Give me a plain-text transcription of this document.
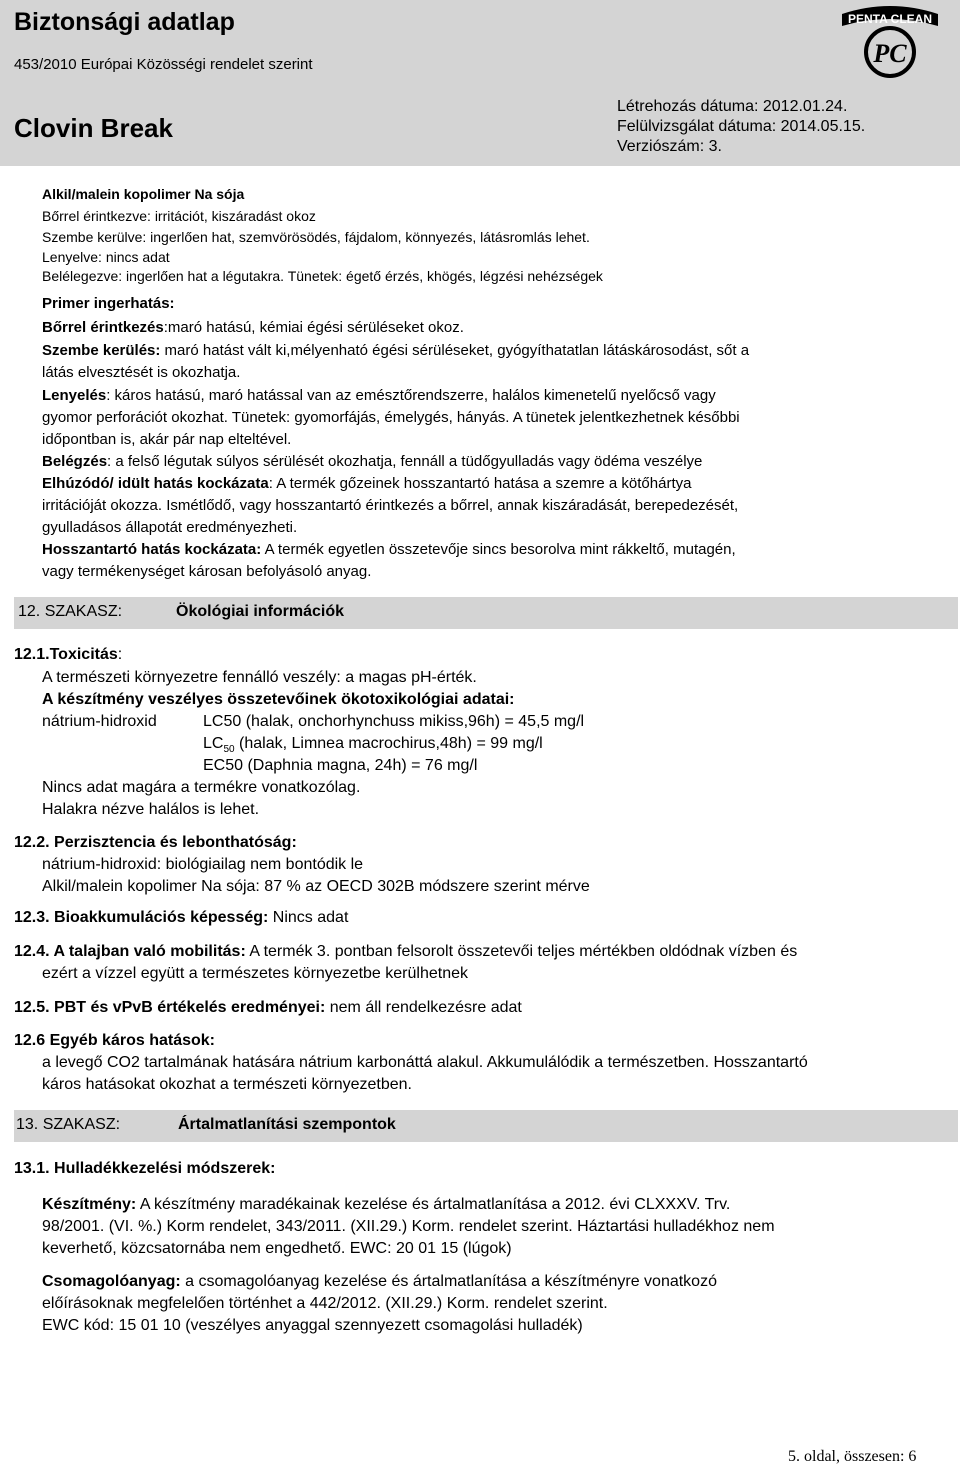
Biztonsági adatlap
453/2010 Európai Közösségi rendelet szerint
Clovin Break
Létrehozás dátuma: 2012.01.24.
Felülvizsgálat dátuma: 2014.05.15.
Verziószám: 3.
PENTA CLEAN
PC
Alkil/malein kopolimer Na sója
Bőrrel érintkezve: irritációt, kiszáradást okoz
Szembe kerülve: ingerlően hat, szemvörösödés, fájdalom, könnyezés, látásromlás lehet.
Lenyelve: nincs adat
Belélegezve: ingerlően hat a légutakra. Tünetek: égető érzés, khögés, légzési nehézségek
Primer ingerhatás:
Bőrrel érintkezés:maró hatású, kémiai égési sérüléseket okoz.
Szembe kerülés: maró hatást vált ki,mélyenható égési sérüléseket, gyógyíthatatlan látáskárosodást, sőt a
látás elvesztését is okozhatja.
Lenyelés: káros hatású, maró hatással van az emésztőrendszerre, halálos kimenetelű nyelőcső vagy
gyomor perforációt okozhat. Tünetek: gyomorfájás, émelygés, hányás. A tünetek jelentkezhetnek későbbi
időpontban is, akár pár nap elteltével.
Belégzés: a felső légutak súlyos sérülését okozhatja, fennáll a tüdőgyulladás vagy ödéma veszélye
Elhúzódó/ idült hatás kockázata: A termék gőzeinek hosszantartó hatása a szemre a kötőhártya
irritációját okozza. Ismétlődő, vagy hosszantartó érintkezés a bőrrel, annak kiszáradását, berepedezését,
gyulladásos állapotát eredményezheti.
Hosszantartó hatás kockázata: A termék egyetlen összetevője sincs besorolva mint rákkeltő, mutagén,
vagy termékenységet károsan befolyásoló anyag.
12. SZAKASZ:	Ökológiai információk
12.1.Toxicitás:
A természeti környezetre fennálló veszély: a magas pH-érték.
A készítmény veszélyes összetevőinek ökotoxikológiai adatai:
nátrium-hidroxid	LC50 (halak, onchorhynchuss mikiss,96h) = 45,5 mg/l
$LC_{50}$ (halak, Limnea macrochirus,48h) = 99 mg/l
EC50 (Daphnia magna, 24h) = 76 mg/l
Nincs adat magára a termékre vonatkozólag.
Halakra nézve halálos is lehet.
12.2. Perzisztencia és lebonthatóság:
nátrium-hidroxid: biológiailag nem bontódik le
Alkil/malein kopolimer Na sója: 87 % az OECD 302B módszere szerint mérve
12.3. Bioakkumulációs képesség: Nincs adat
12.4. A talajban való mobilitás: A termék 3. pontban felsorolt összetevői teljes mértékben oldódnak vízben és
ezért a vízzel együtt a természetes környezetbe kerülhetnek
12.5. PBT és vPvB értékelés eredményei: nem áll rendelkezésre adat
12.6 Egyéb káros hatások:
a levegő CO2 tartalmának hatására nátrium karbonáttá alakul. Akkumulálódik a természetben. Hosszantartó
káros hatásokat okozhat a természeti környezetben.
13. SZAKASZ:	Ártalmatlanítási szempontok
13.1. Hulladékkezelési módszerek:
Készítmény: A készítmény maradékainak kezelése és ártalmatlanítása a 2012. évi CLXXXV. Trv.
98/2001. (VI. %.) Korm rendelet, 343/2011. (XII.29.) Korm. rendelet szerint. Háztartási hulladékhoz nem
keverhető, közcsatornába nem engedhető. EWC: 20 01 15 (lúgok)
Csomagolóanyag: a csomagolóanyag kezelése és ártalmatlanítása a készítményre vonatkozó
előírásoknak megfelelően történhet a 442/2012. (XII.29.) Korm. rendelet szerint.
EWC kód: 15 01 10 (veszélyes anyaggal szennyezett csomagolási hulladék)
5. oldal, összesen: 6
